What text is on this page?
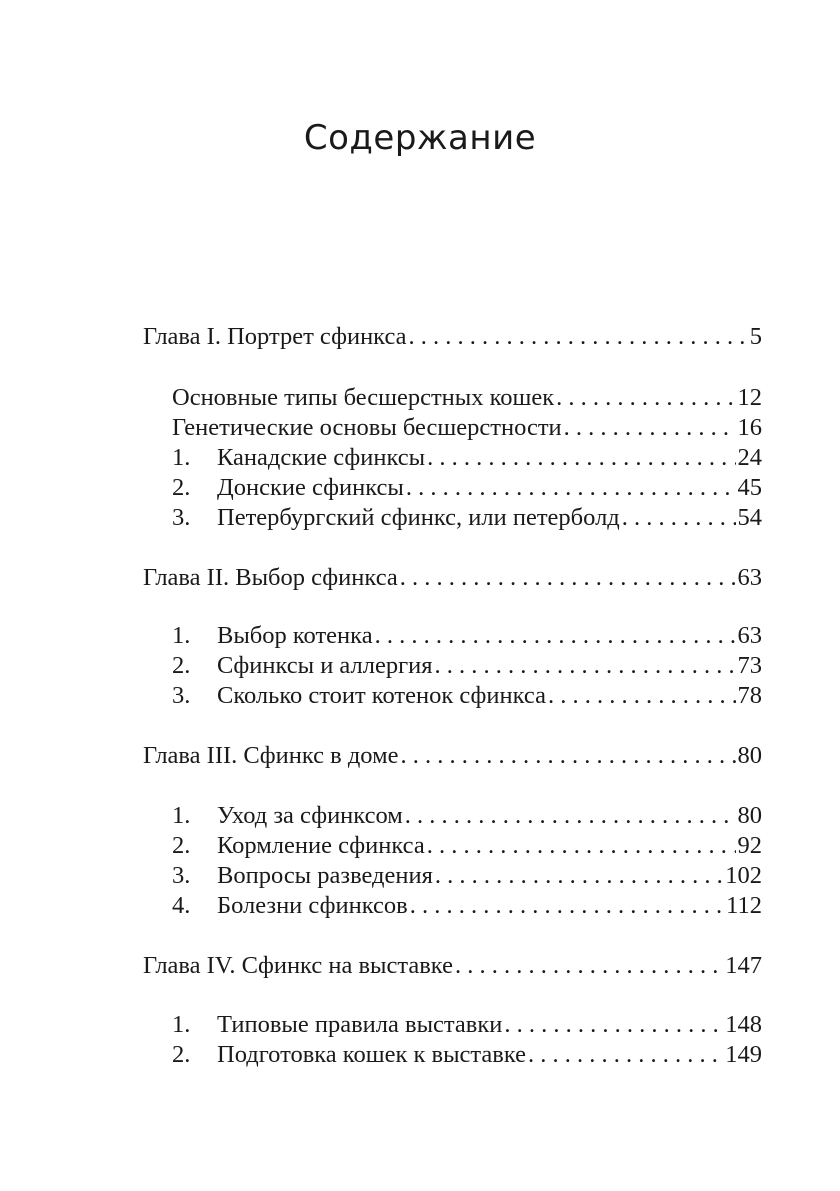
Содержание
Глава I. Портрет сфинкса . . .	5
Основные типы бесшерстных кошек . . .	12
Генетические основы бесшерстности . . .	16
1.	Канадские сфинксы . . .	24
2.	Донские сфинксы . . .	45
3.	Петербургский сфинкс, или петерболд . . .	54
Глава II. Выбор сфинкса . . .	63
1.	Выбор котенка . . .	63
2.	Сфинксы и аллергия . . .	73
3.	Сколько стоит котенок сфинкса . . .	78
Глава III. Сфинкс в доме . . .	80
1.	Уход за сфинксом . . .	80
2.	Кормление сфинкса . . .	92
3.	Вопросы разведения . . .	102
4.	Болезни сфинксов . . .	112
Глава IV. Сфинкс на выставке . . .	147
1.	Типовые правила выставки . . .	148
2.	Подготовка кошек к выставке . . .	149
